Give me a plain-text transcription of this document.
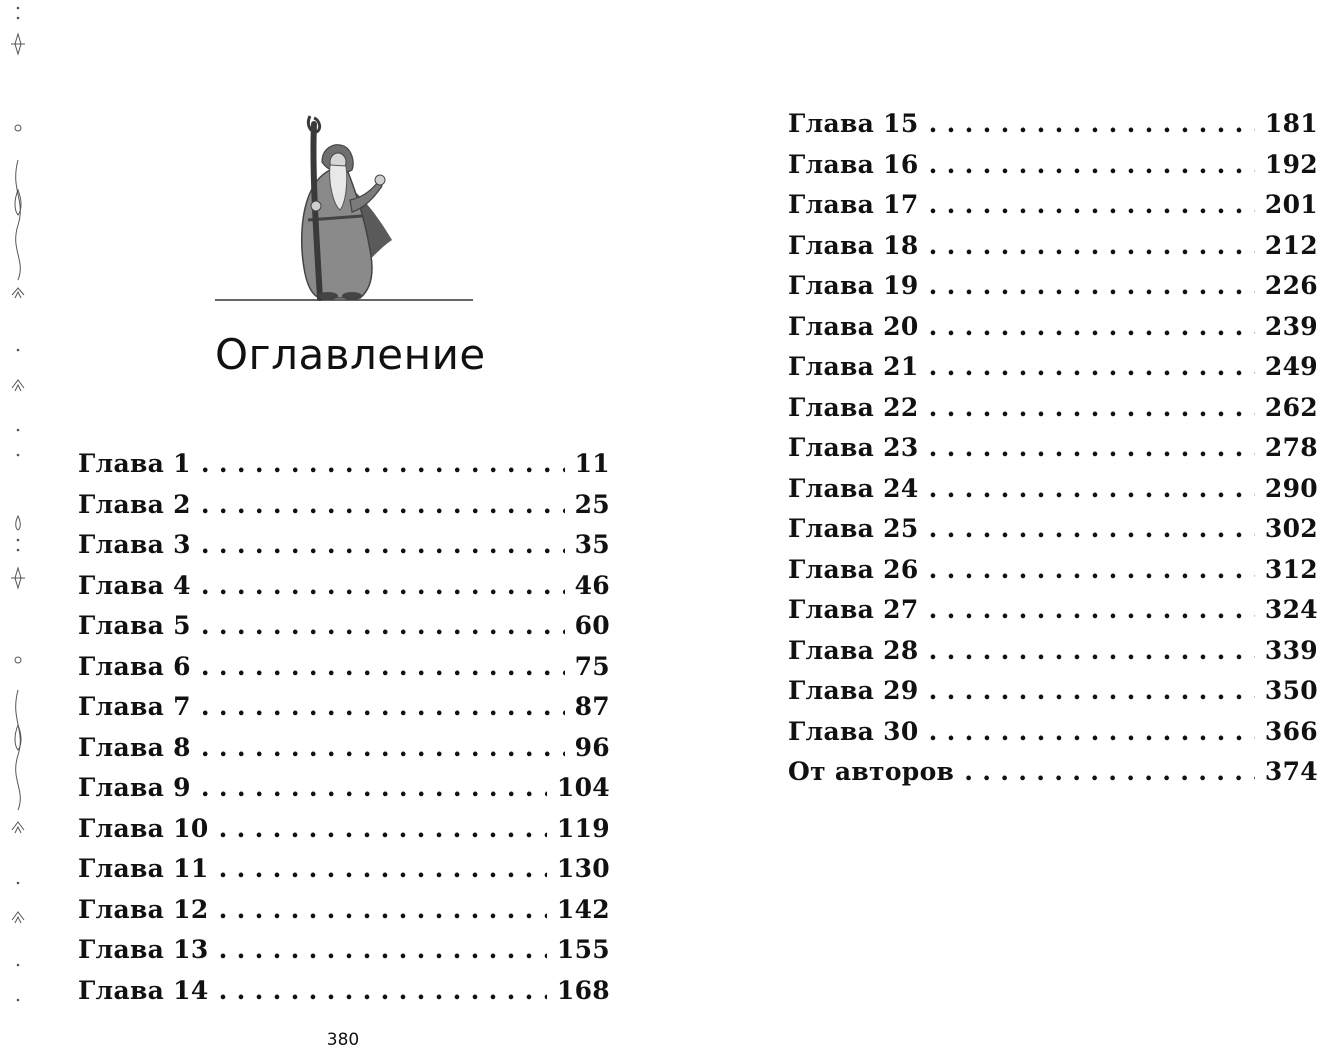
Оглавление
Глава 1 .....	11
Глава 2 .....	25
Глава 3 .....	35
Глава 4 .....	46
Глава 5 .....	60
Глава 6 .....	75
Глава 7 .....	87
Глава 8 .....	96
Глава 9 .....	104
Глава 10 .....	119
Глава 11 .....	130
Глава 12 .....	142
Глава 13 .....	155
Глава 14 .....	168
Глава 15 .....	181
Глава 16 .....	192
Глава 17 .....	201
Глава 18 .....	212
Глава 19 .....	226
Глава 20 .....	239
Глава 21 .....	249
Глава 22 .....	262
Глава 23 .....	278
Глава 24 .....	290
Глава 25 .....	302
Глава 26 .....	312
Глава 27 .....	324
Глава 28 .....	339
Глава 29 .....	350
Глава 30 .....	366
От авторов .....	374
380
